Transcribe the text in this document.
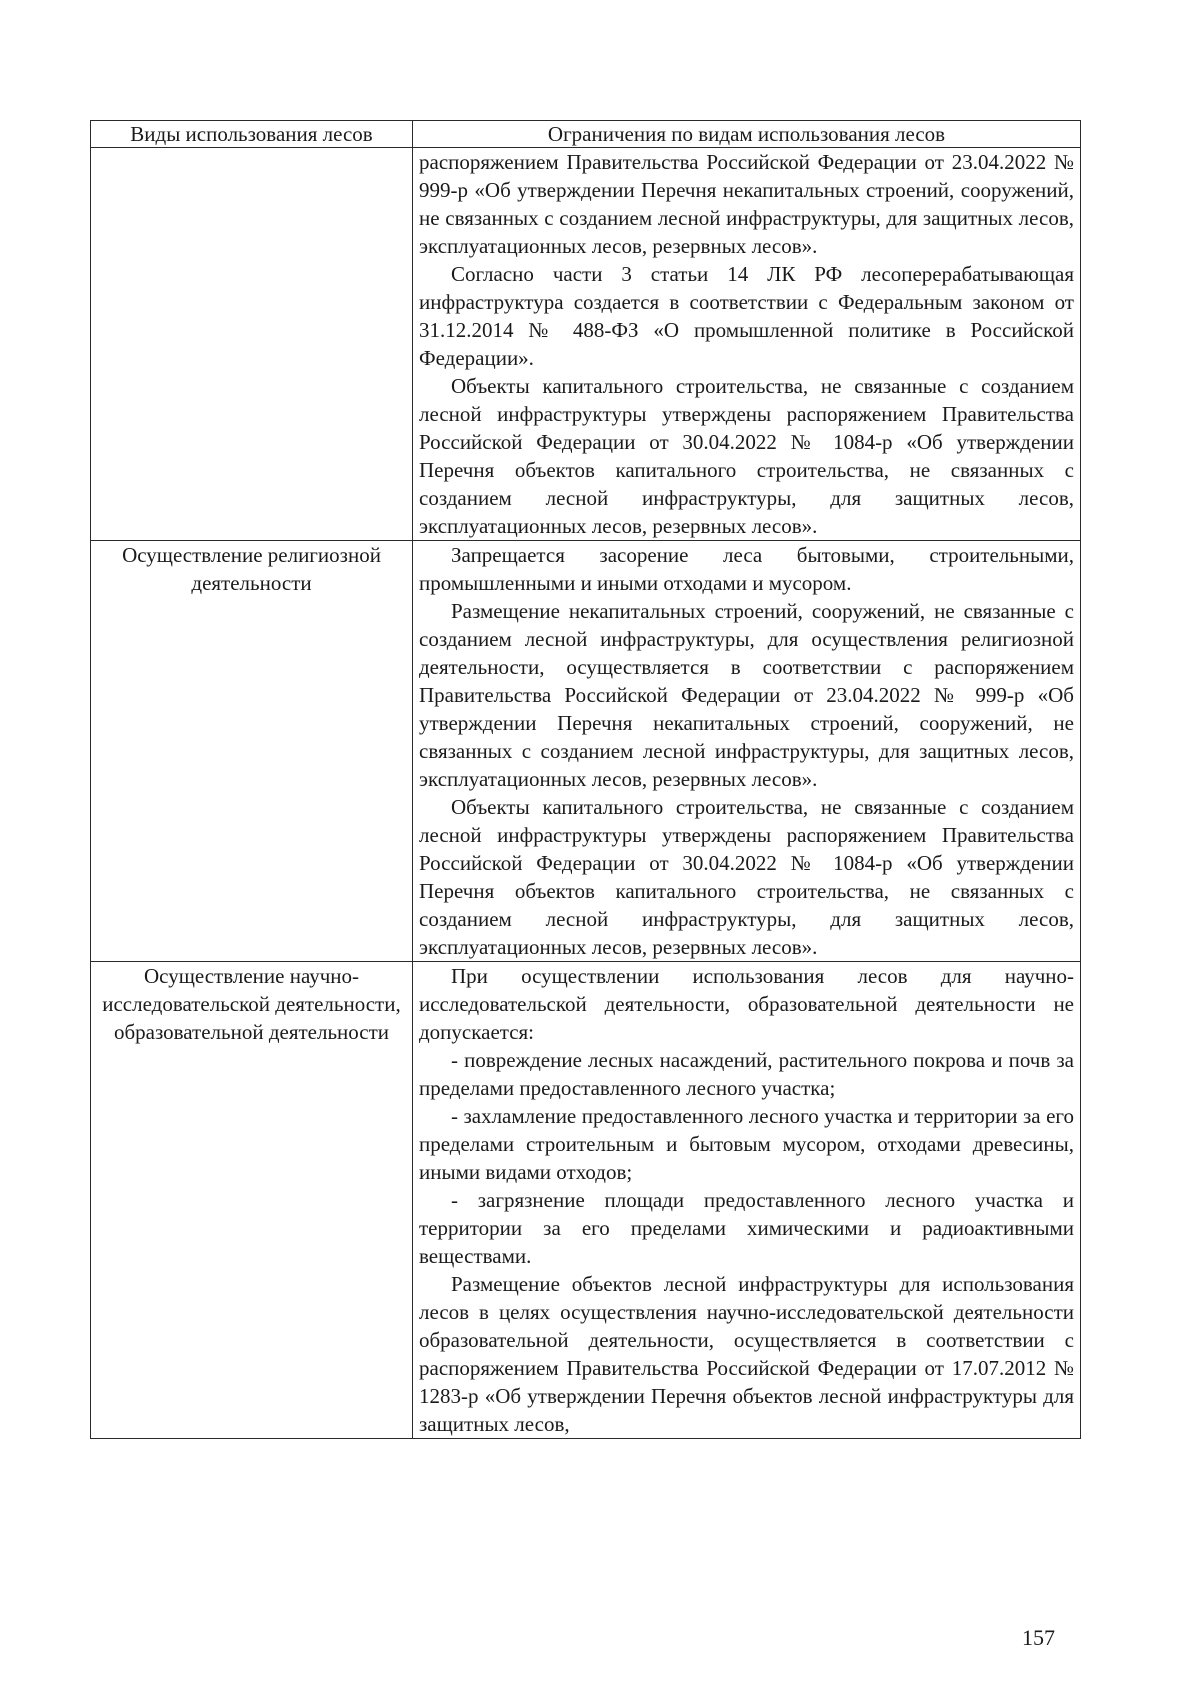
Виды использования лесов	Ограничения по видам использования лесов

	распоряжением Правительства Российской Федерации от 23.04.2022 № 999-р «Об утверждении Перечня некапитальных строений, сооружений, не связанных с созданием лесной инфраструктуры, для защитных лесов, эксплуатационных лесов, резервных лесов».

Согласно части 3 статьи 14 ЛК РФ лесоперерабатывающая инфраструктура создается в соответствии с Федеральным законом от 31.12.2014 № 488-ФЗ «О промышленной политике в Российской Федерации».

Объекты капитального строительства, не связанные с созданием лесной инфраструктуры утверждены распоряжением Правительства Российской Федерации от 30.04.2022 № 1084-р «Об утверждении Перечня объектов капитального строительства, не связанных с созданием лесной инфраструктуры, для защитных лесов, эксплуатационных лесов, резервных лесов».

Осуществление религиозной деятельности	Запрещается засорение леса бытовыми, строительными, промышленными и иными отходами и мусором.

Размещение некапитальных строений, сооружений, не связанные с созданием лесной инфраструктуры, для осуществления религиозной деятельности, осуществляется в соответствии с распоряжением Правительства Российской Федерации от 23.04.2022 № 999-р «Об утверждении Перечня некапитальных строений, сооружений, не связанных с созданием лесной инфраструктуры, для защитных лесов, эксплуатационных лесов, резервных лесов».

Объекты капитального строительства, не связанные с созданием лесной инфраструктуры утверждены распоряжением Правительства Российской Федерации от 30.04.2022 № 1084-р «Об утверждении Перечня объектов капитального строительства, не связанных с созданием лесной инфраструктуры, для защитных лесов, эксплуатационных лесов, резервных лесов».

Осуществление научно-исследовательской деятельности, образовательной деятельности	При осуществлении использования лесов для научно-исследовательской деятельности, образовательной деятельности не допускается:

- повреждение лесных насаждений, растительного покрова и почв за пределами предоставленного лесного участка;

- захламление предоставленного лесного участка и территории за его пределами строительным и бытовым мусором, отходами древесины, иными видами отходов;

- загрязнение площади предоставленного лесного участка и территории за его пределами химическими и радиоактивными веществами.

Размещение объектов лесной инфраструктуры для использования лесов в целях осуществления научно-исследовательской деятельности образовательной деятельности, осуществляется в соответствии с распоряжением Правительства Российской Федерации от 17.07.2012 № 1283-р «Об утверждении Перечня объектов лесной инфраструктуры для защитных лесов,

157
